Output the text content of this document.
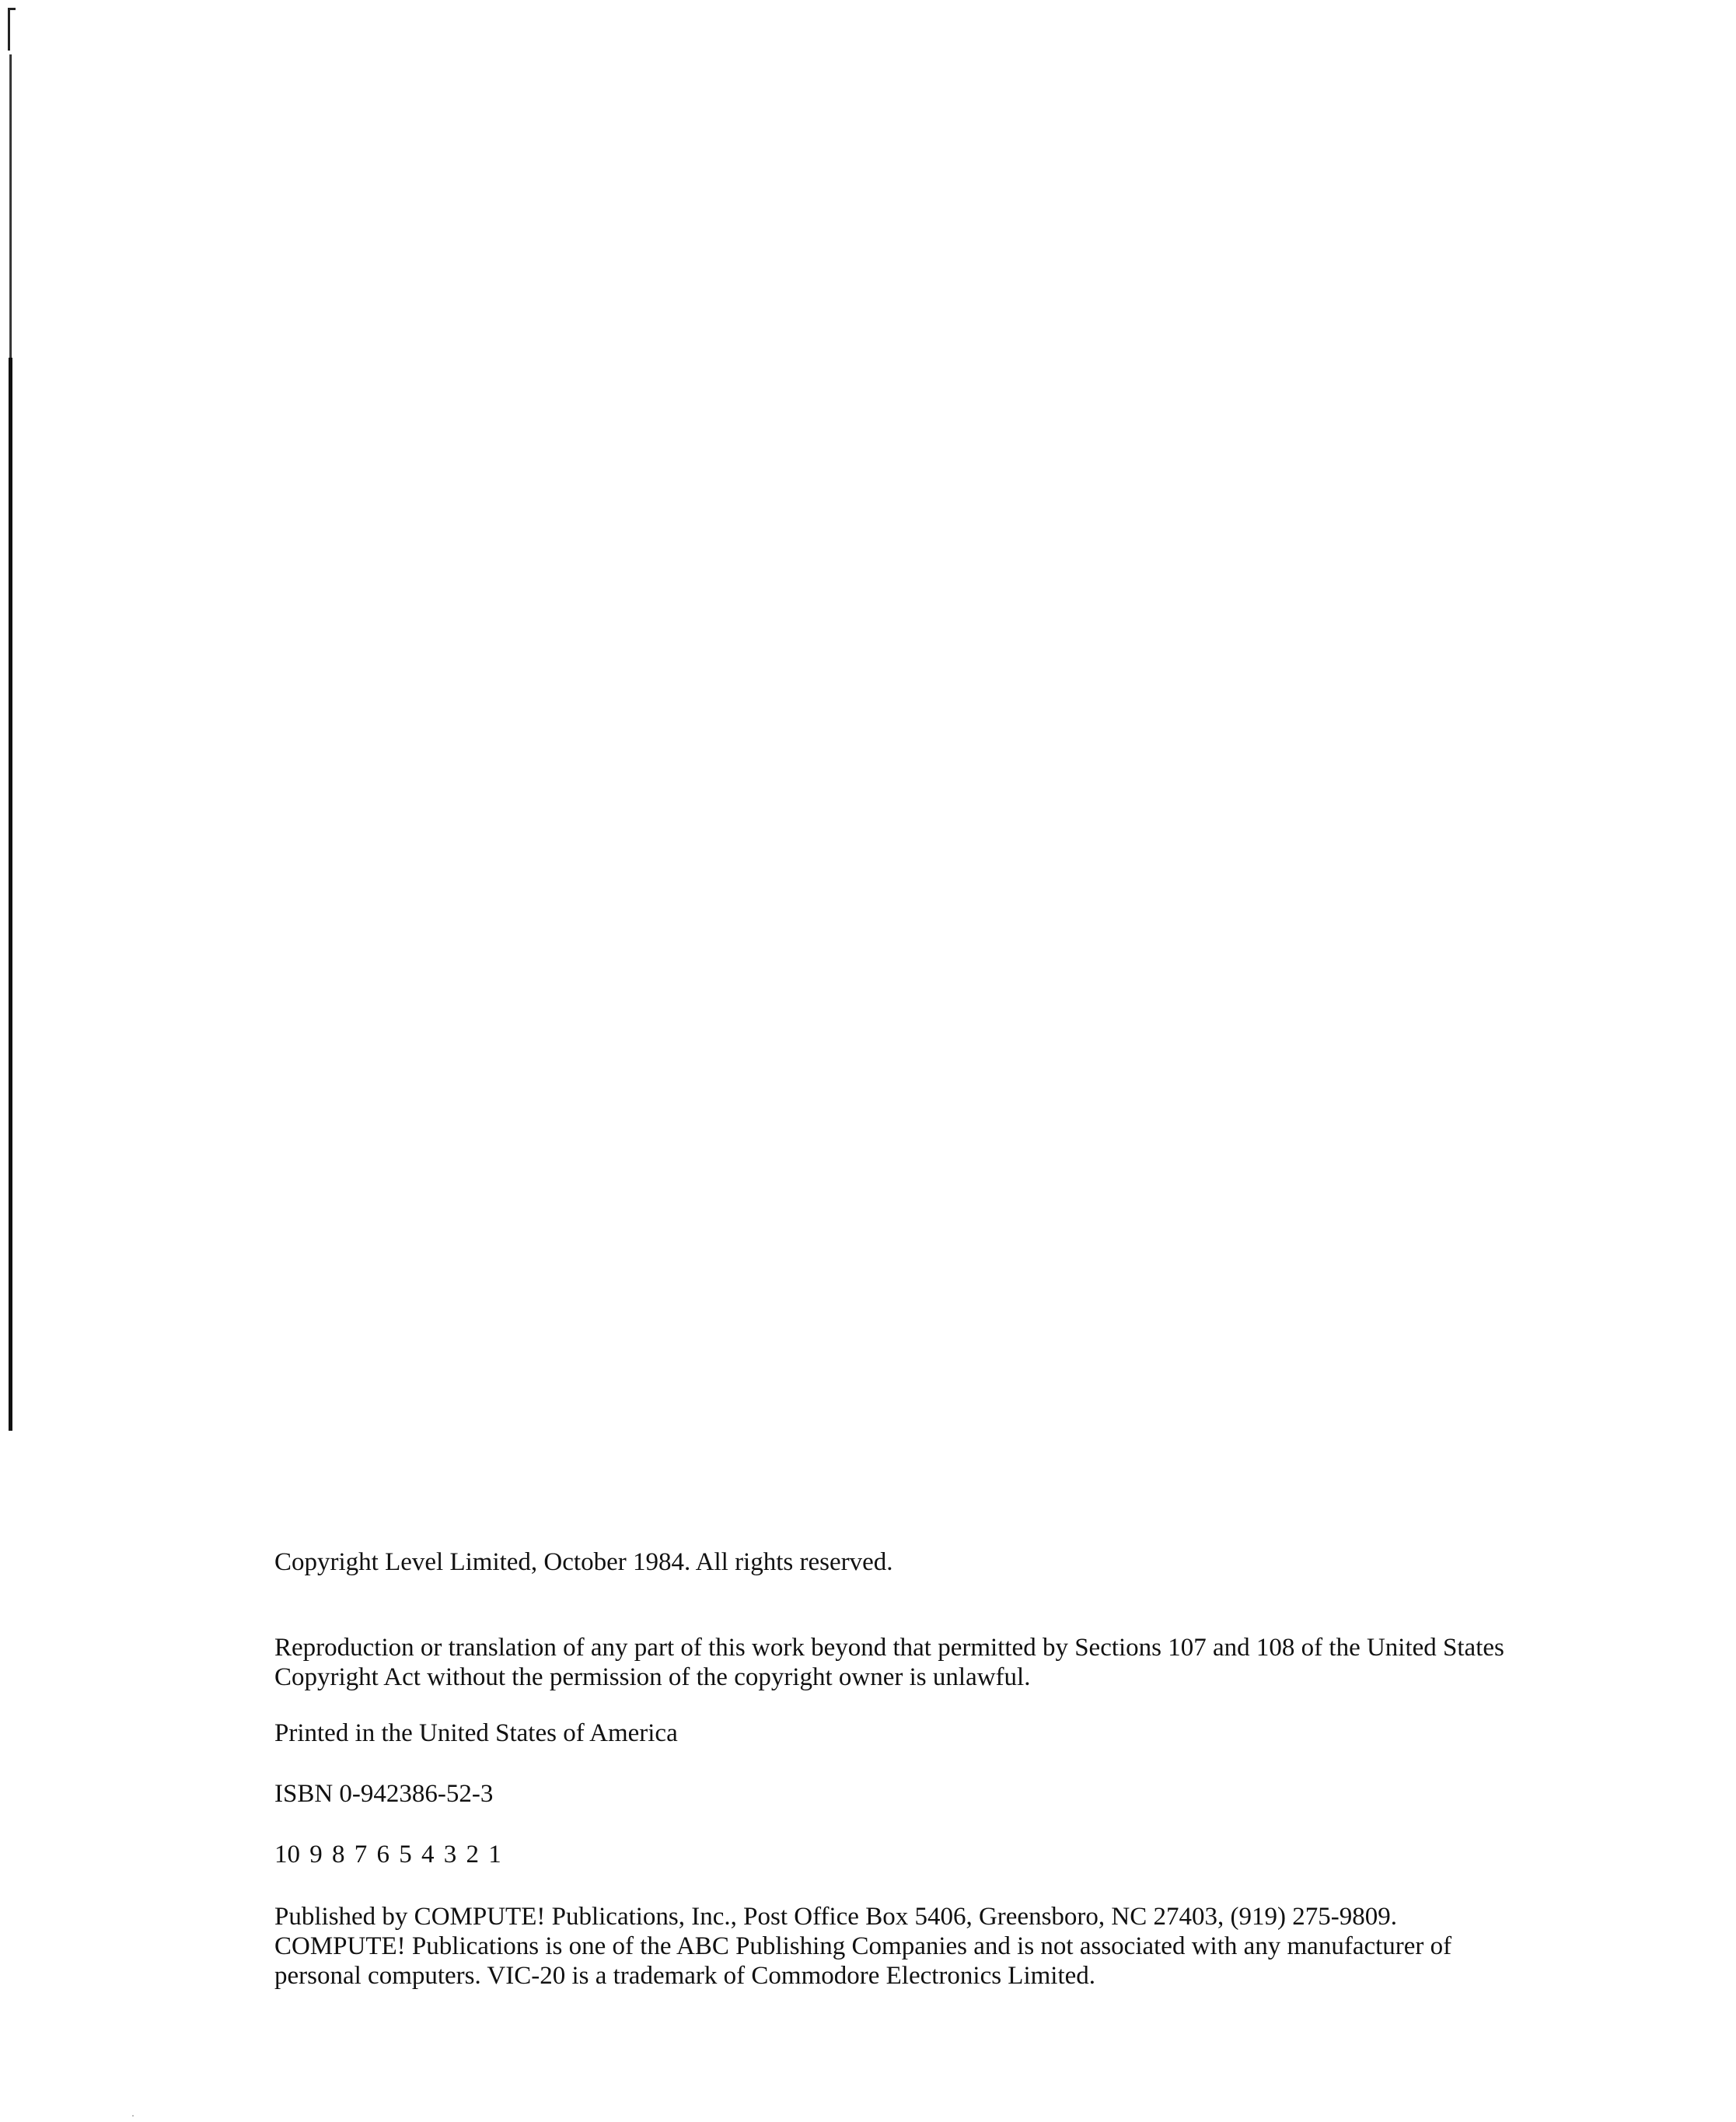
Copyright Level Limited, October 1984. All rights reserved.

Reproduction or translation of any part of this work beyond that permitted by Sections 107 and 108 of the United States Copyright Act without the permission of the copyright owner is unlawful.

Printed in the United States of America

ISBN 0-942386-52-3

10 9 8 7 6 5 4 3 2 1

Published by COMPUTE! Publications, Inc., Post Office Box 5406, Greensboro, NC 27403, (919) 275-9809. COMPUTE! Publications is one of the ABC Publishing Companies and is not associated with any manufacturer of personal computers. VIC-20 is a trademark of Commodore Electronics Limited.
